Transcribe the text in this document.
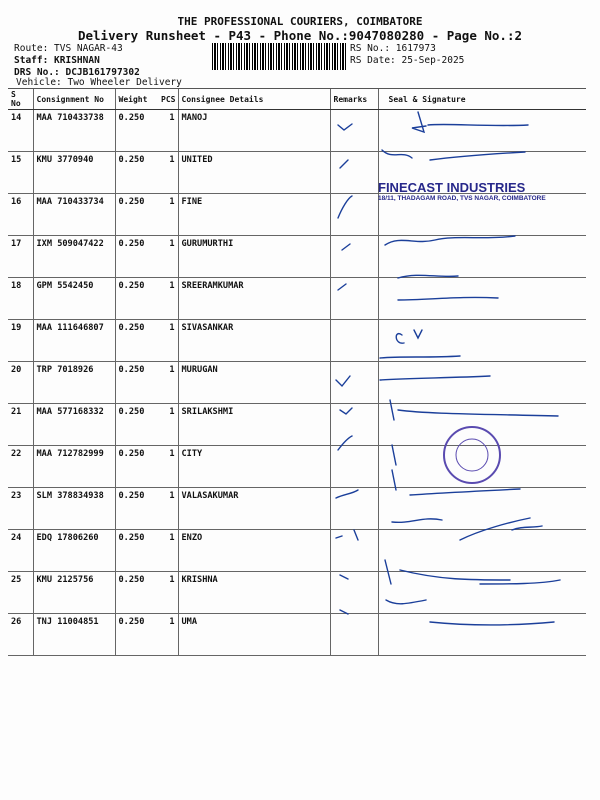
THE PROFESSIONAL COURIERS, COIMBATORE
Delivery Runsheet - P43 - Phone No.:9047080280 - Page No.:2
Route: TVS NAGAR-43
Staff: KRISHNAN
DRS No.: DCJB161797302
Vehicle: Two Wheeler Delivery
RS No.: 1617973
RS Date: 25-Sep-2025
S No	Consignment No	Weight	PCS	Consignee Details	Remarks	Seal & Signature
14	MAA 710433738	0.250	1	MANOJ		
15	KMU 3770940	0.250	1	UNITED		
16	MAA 710433734	0.250	1	FINE		
17	IXM 509047422	0.250	1	GURUMURTHI		
18	GPM 5542450	0.250	1	SREERAMKUMAR		
19	MAA 111646807	0.250	1	SIVASANKAR		
20	TRP 7018926	0.250	1	MURUGAN		
21	MAA 577168332	0.250	1	SRILAKSHMI		
22	MAA 712782999	0.250	1	CITY		
23	SLM 378834938	0.250	1	VALASAKUMAR		
24	EDQ 17806260	0.250	1	ENZO		
25	KMU 2125756	0.250	1	KRISHNA		
26	TNJ 11004851	0.250	1	UMA		
FINECAST INDUSTRIES
18/11, THADAGAM ROAD, TVS NAGAR, COIMBATORE
